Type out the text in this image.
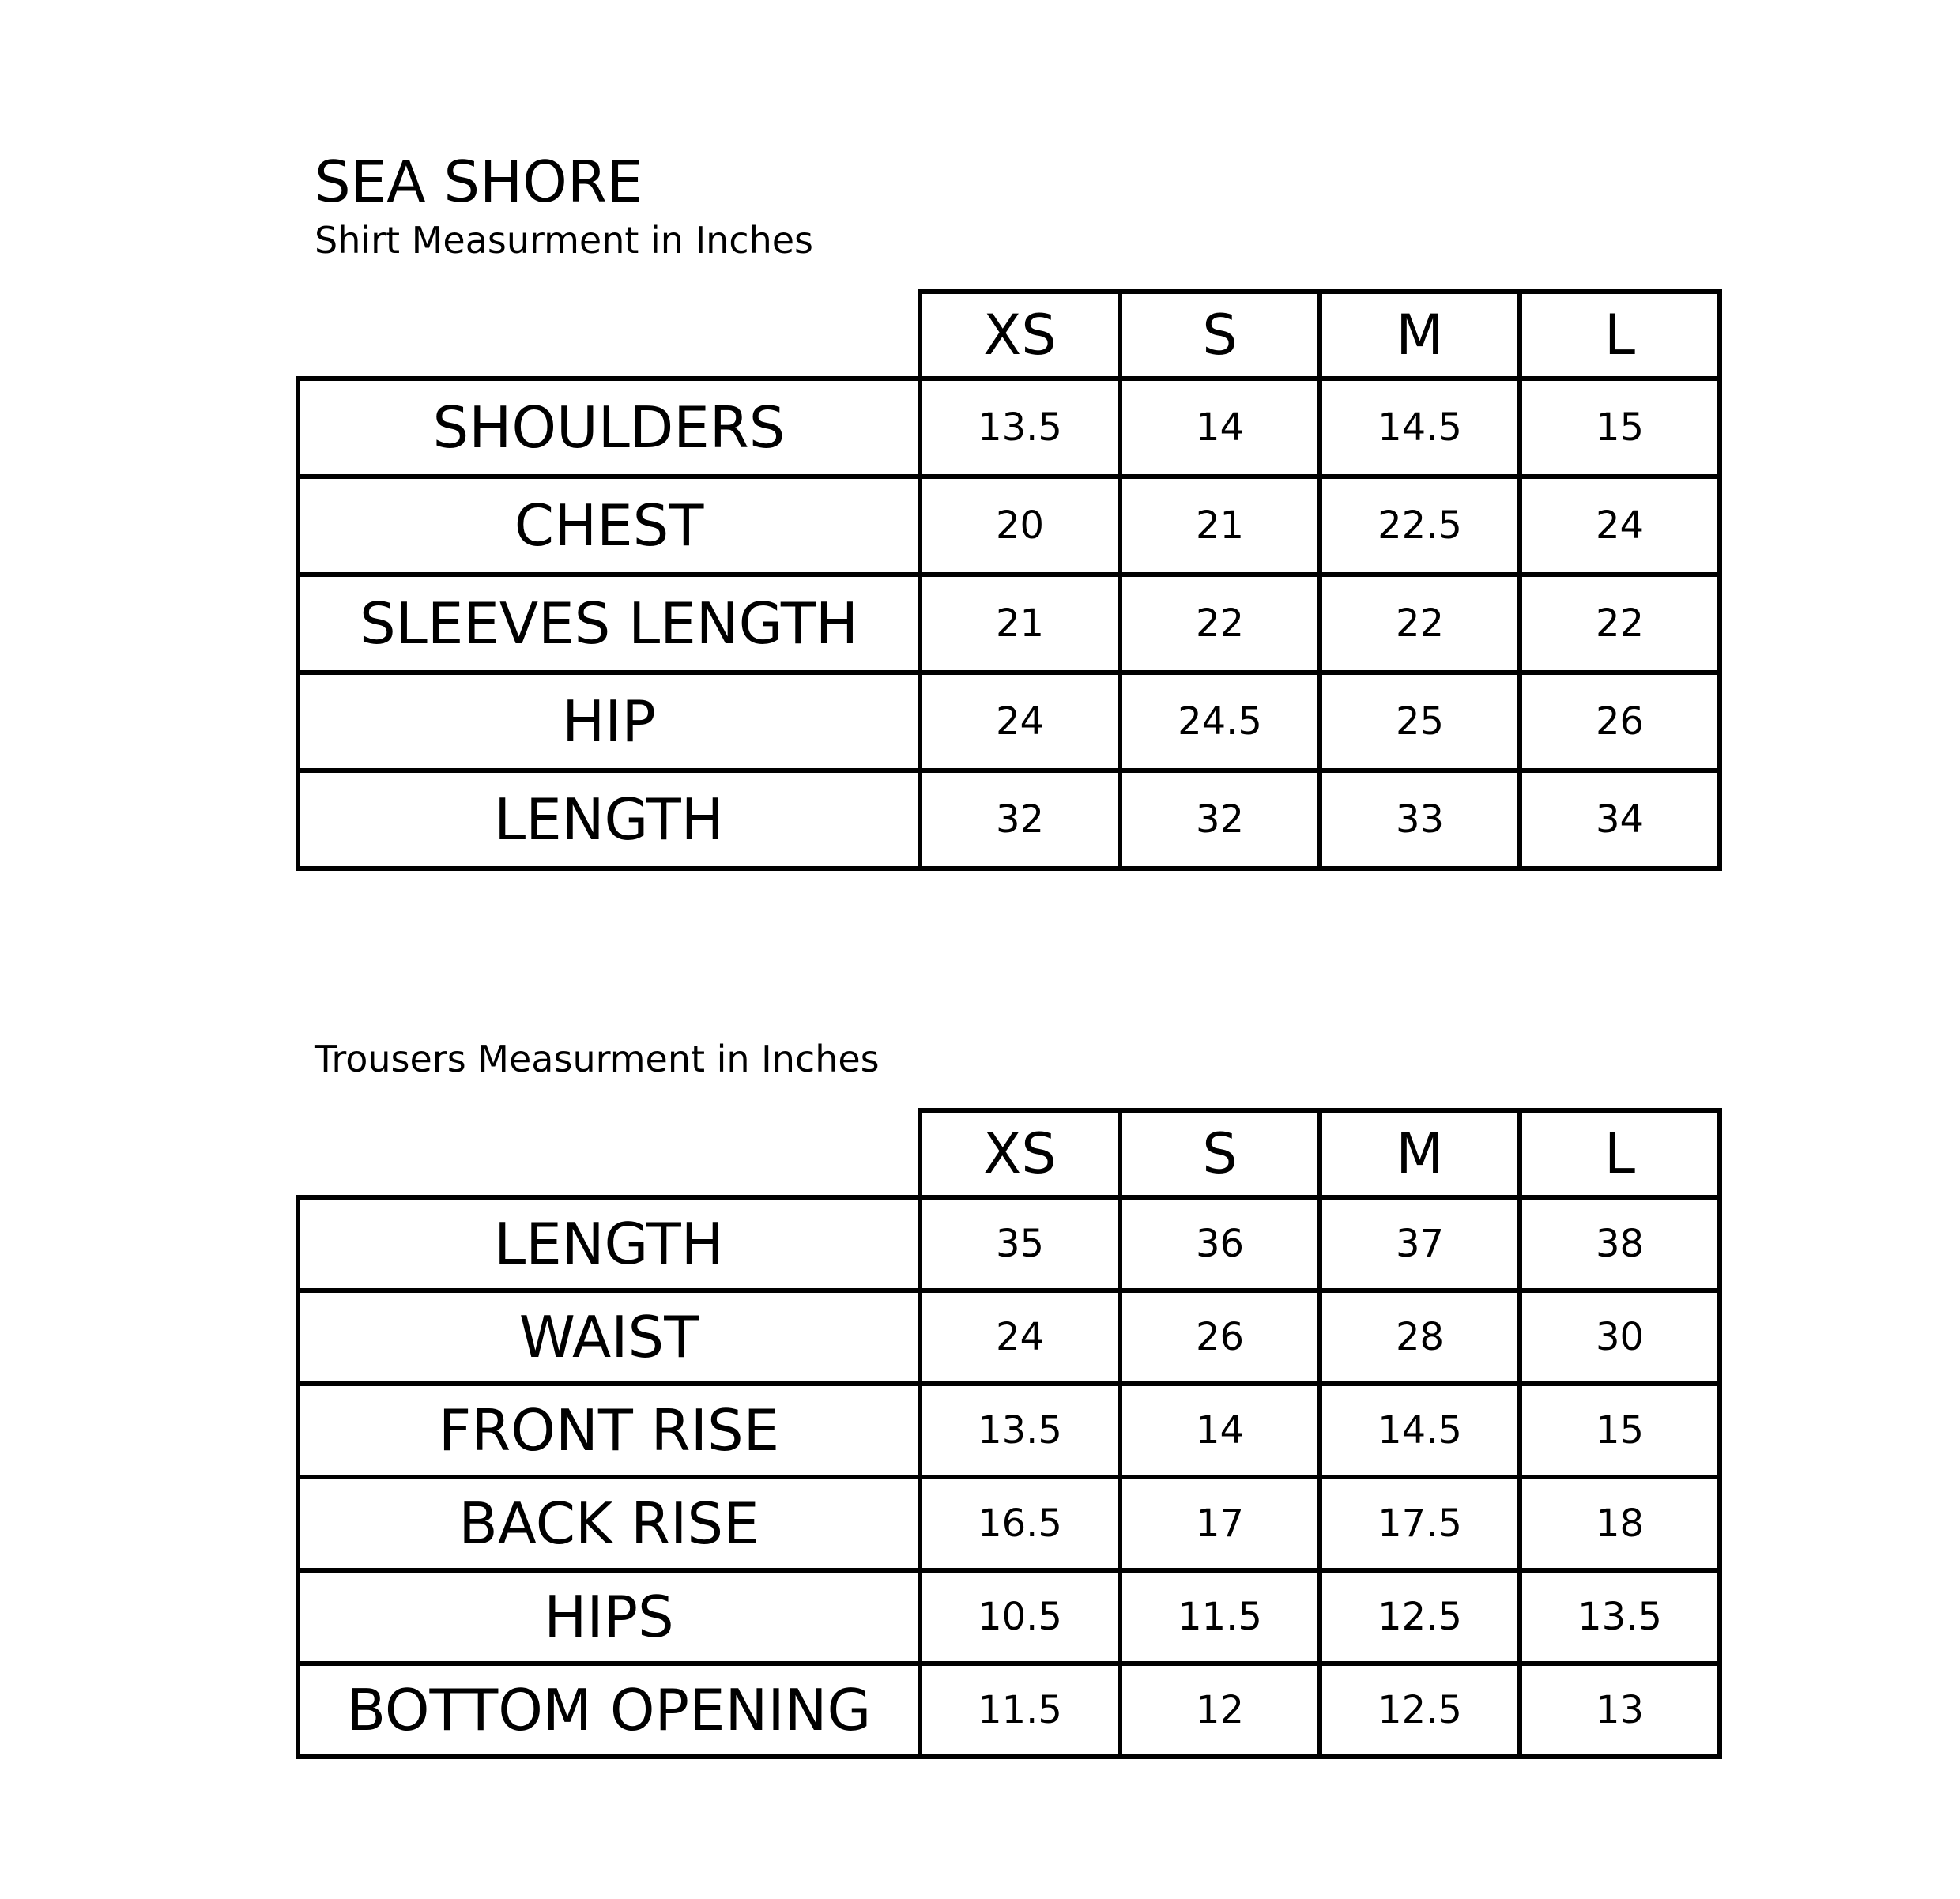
SEA SHORE
Shirt Measurment in Inches
	XS	S	M	L
SHOULDERS	13.5	14	14.5	15
CHEST	20	21	22.5	24
SLEEVES LENGTH	21	22	22	22
HIP	24	24.5	25	26
LENGTH	32	32	33	34
Trousers Measurment in Inches
	XS	S	M	L
LENGTH	35	36	37	38
WAIST	24	26	28	30
FRONT RISE	13.5	14	14.5	15
BACK RISE	16.5	17	17.5	18
HIPS	10.5	11.5	12.5	13.5
BOTTOM OPENING	11.5	12	12.5	13
